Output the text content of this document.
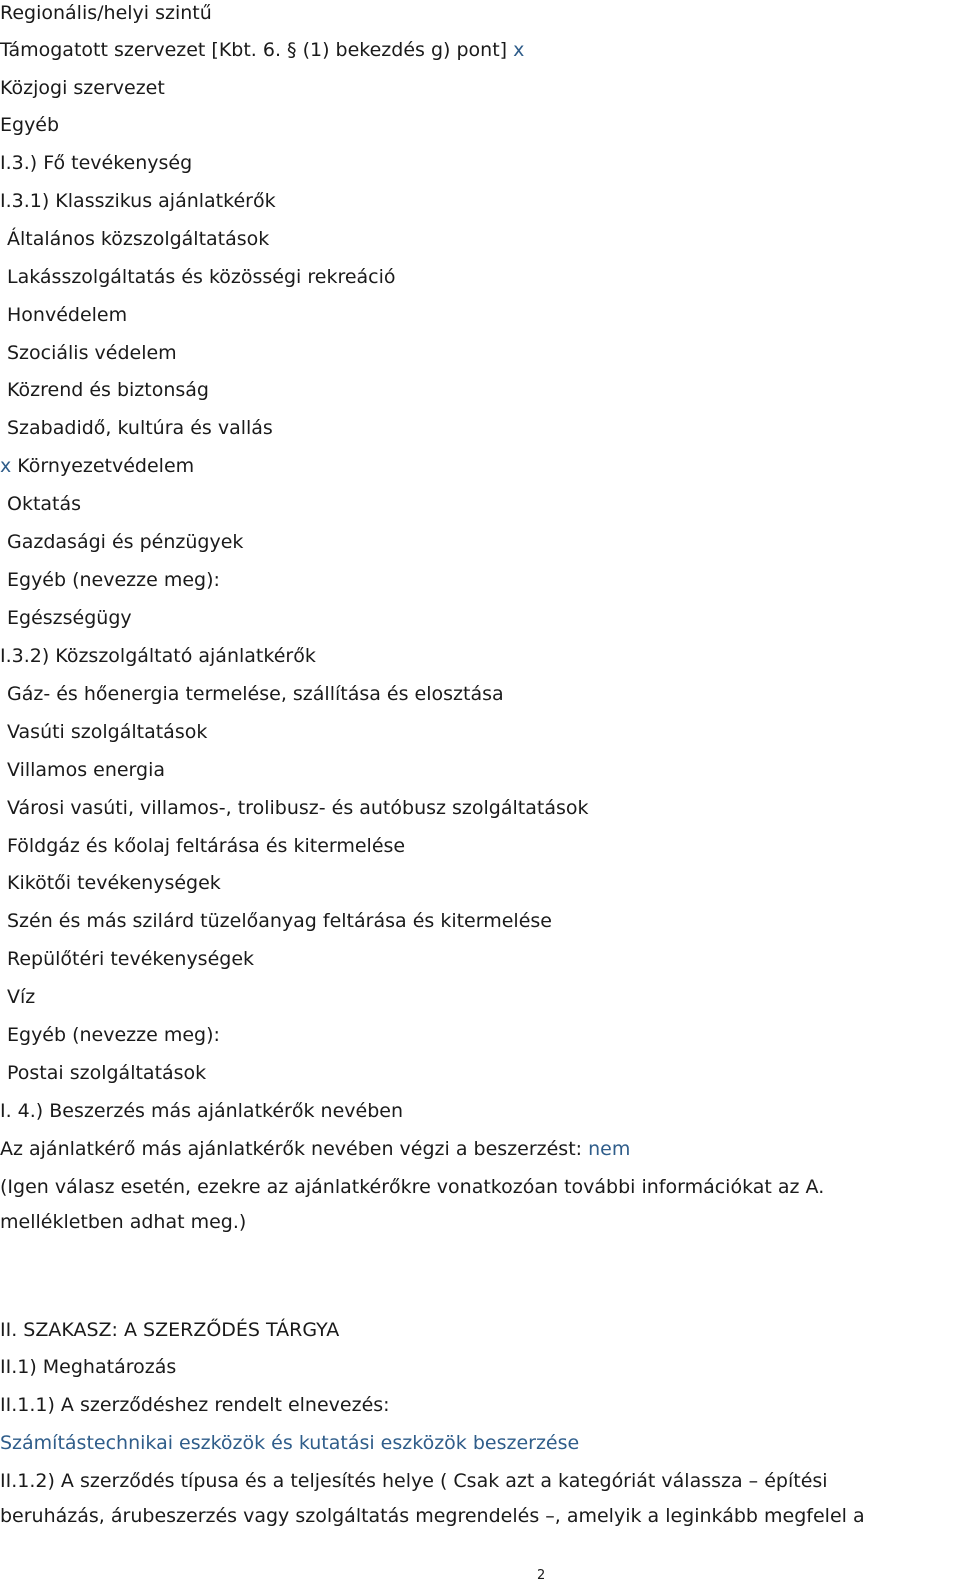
Regionális/helyi szintű

Támogatott szervezet [Kbt. 6. § (1) bekezdés g) pont] x

Közjogi szervezet

Egyéb

I.3.) Fő tevékenység

I.3.1) Klasszikus ajánlatkérők

Általános közszolgáltatások

Lakásszolgáltatás és közösségi rekreáció

Honvédelem

Szociális védelem

Közrend és biztonság

Szabadidő, kultúra és vallás

x Környezetvédelem

Oktatás

Gazdasági és pénzügyek

Egyéb (nevezze meg):

Egészségügy

I.3.2) Közszolgáltató ajánlatkérők

Gáz- és hőenergia termelése, szállítása és elosztása

Vasúti szolgáltatások

Villamos energia

Városi vasúti, villamos-, trolibusz- és autóbusz szolgáltatások

Földgáz és kőolaj feltárása és kitermelése

Kikötői tevékenységek

Szén és más szilárd tüzelőanyag feltárása és kitermelése

Repülőtéri tevékenységek

Víz

Egyéb (nevezze meg):

Postai szolgáltatások

I. 4.) Beszerzés más ajánlatkérők nevében

Az ajánlatkérő más ajánlatkérők nevében végzi a beszerzést: nem

(Igen válasz esetén, ezekre az ajánlatkérőkre vonatkozóan további információkat az A.

mellékletben adhat meg.)

II. SZAKASZ: A SZERZŐDÉS TÁRGYA

II.1) Meghatározás

II.1.1) A szerződéshez rendelt elnevezés:

Számítástechnikai eszközök és kutatási eszközök beszerzése

II.1.2) A szerződés típusa és a teljesítés helye ( Csak azt a kategóriát válassza – építési

beruházás, árubeszerzés vagy szolgáltatás megrendelés –, amelyik a leginkább megfelel a

2
